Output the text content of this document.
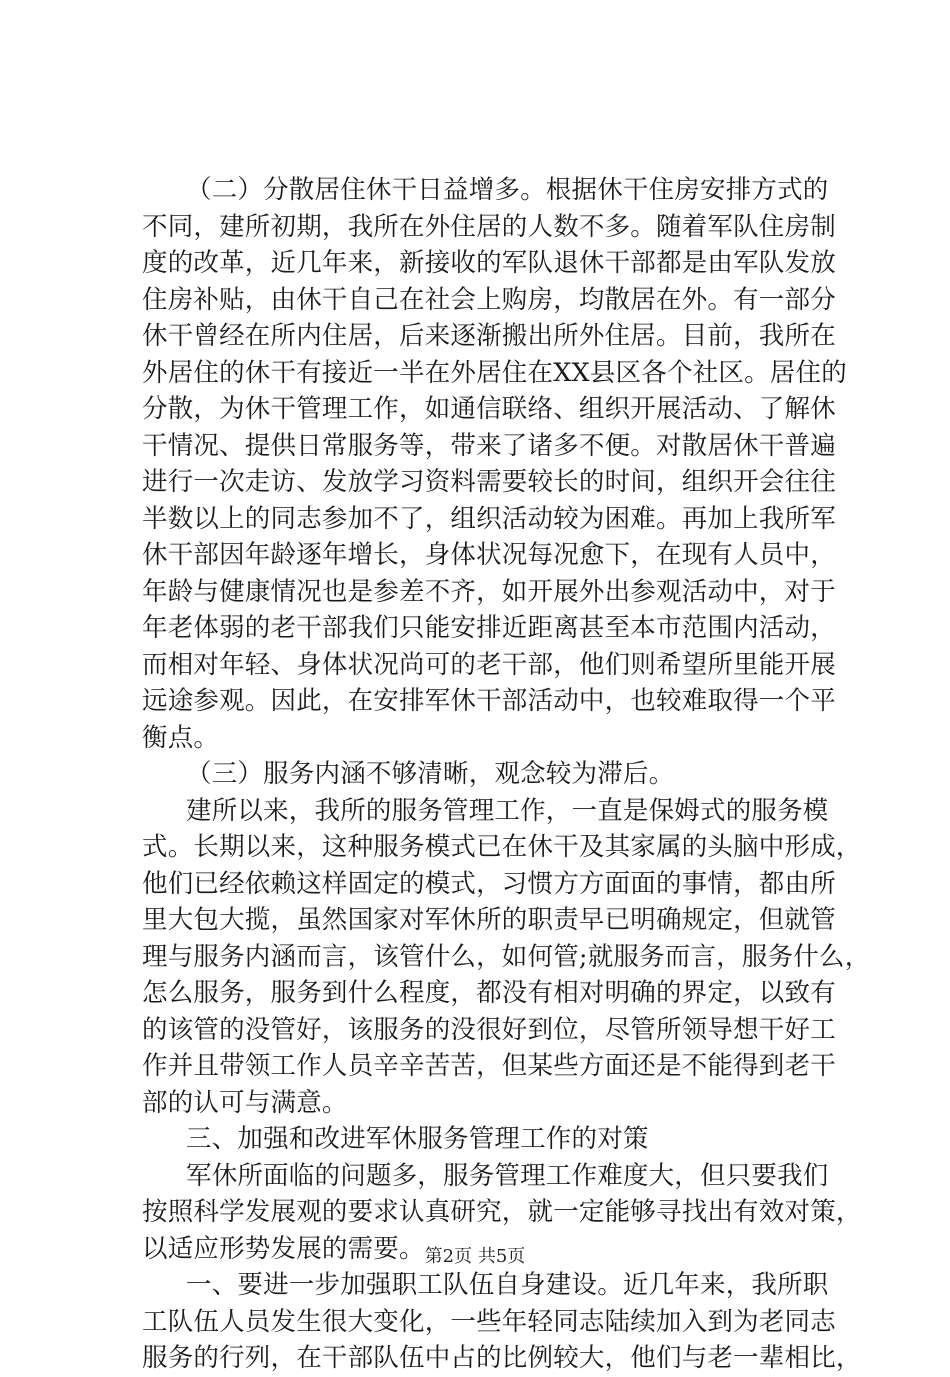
（二）分散居住休干日益增多。根据休干住房安排方式的
不同，建所初期，我所在外住居的人数不多。随着军队住房制
度的改革，近几年来，新接收的军队退休干部都是由军队发放
住房补贴，由休干自己在社会上购房，均散居在外。有一部分
休干曾经在所内住居，后来逐渐搬出所外住居。目前，我所在
外居住的休干有接近一半在外居住在XX县区各个社区。居住的
分散，为休干管理工作，如通信联络、组织开展活动、了解休
干情况、提供日常服务等，带来了诸多不便。对散居休干普遍
进行一次走访、发放学习资料需要较长的时间，组织开会往往
半数以上的同志参加不了，组织活动较为困难。再加上我所军
休干部因年龄逐年增长，身体状况每况愈下，在现有人员中，
年龄与健康情况也是参差不齐，如开展外出参观活动中，对于
年老体弱的老干部我们只能安排近距离甚至本市范围内活动，
而相对年轻、身体状况尚可的老干部，他们则希望所里能开展
远途参观。因此，在安排军休干部活动中，也较难取得一个平
衡点。
（三）服务内涵不够清晰，观念较为滞后。
建所以来，我所的服务管理工作，一直是保姆式的服务模
式。长期以来，这种服务模式已在休干及其家属的头脑中形成，
他们已经依赖这样固定的模式，习惯方方面面的事情，都由所
里大包大揽，虽然国家对军休所的职责早已明确规定，但就管
理与服务内涵而言，该管什么，如何管;就服务而言，服务什么，
怎么服务，服务到什么程度，都没有相对明确的界定，以致有
的该管的没管好，该服务的没很好到位，尽管所领导想干好工
作并且带领工作人员辛辛苦苦，但某些方面还是不能得到老干
部的认可与满意。
三、加强和改进军休服务管理工作的对策
军休所面临的问题多，服务管理工作难度大，但只要我们
按照科学发展观的要求认真研究，就一定能够寻找出有效对策，
以适应形势发展的需要。
一、要进一步加强职工队伍自身建设。近几年来，我所职
工队伍人员发生很大变化，一些年轻同志陆续加入到为老同志
服务的行列，在干部队伍中占的比例较大，他们与老一辈相比，
第2页 共5页
